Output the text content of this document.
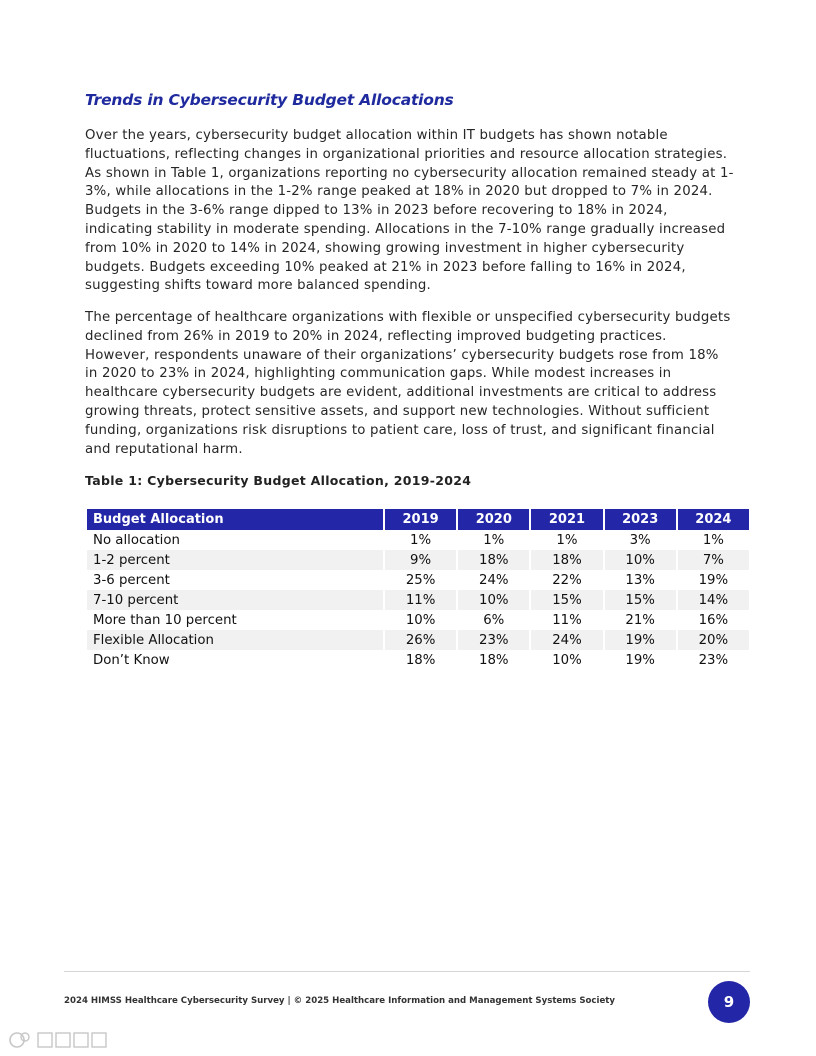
Trends in Cybersecurity Budget Allocations

Over the years, cybersecurity budget allocation within IT budgets has shown notable fluctuations, reflecting changes in organizational priorities and resource allocation strategies. As shown in Table 1, organizations reporting no cybersecurity allocation remained steady at 1-3%, while allocations in the 1-2% range peaked at 18% in 2020 but dropped to 7% in 2024. Budgets in the 3-6% range dipped to 13% in 2023 before recovering to 18% in 2024, indicating stability in moderate spending. Allocations in the 7-10% range gradually increased from 10% in 2020 to 14% in 2024, showing growing investment in higher cybersecurity budgets. Budgets exceeding 10% peaked at 21% in 2023 before falling to 16% in 2024, suggesting shifts toward more balanced spending.

The percentage of healthcare organizations with flexible or unspecified cybersecurity budgets declined from 26% in 2019 to 20% in 2024, reflecting improved budgeting practices. However, respondents unaware of their organizations’ cybersecurity budgets rose from 18% in 2020 to 23% in 2024, highlighting communication gaps. While modest increases in healthcare cybersecurity budgets are evident, additional investments are critical to address growing threats, protect sensitive assets, and support new technologies. Without sufficient funding, organizations risk disruptions to patient care, loss of trust, and significant financial and reputational harm.

Table 1: Cybersecurity Budget Allocation, 2019-2024
Budget Allocation	2019	2020	2021	2023	2024
No allocation	1%	1%	1%	3%	1%
1-2 percent	9%	18%	18%	10%	7%
3-6 percent	25%	24%	22%	13%	19%
7-10 percent	11%	10%	15%	15%	14%
More than 10 percent	10%	6%	11%	21%	16%
Flexible Allocation	26%	23%	24%	19%	20%
Don’t Know	18%	18%	10%	19%	23%
2024 HIMSS Healthcare Cybersecurity Survey | © 2025 Healthcare Information and Management Systems Society	9
